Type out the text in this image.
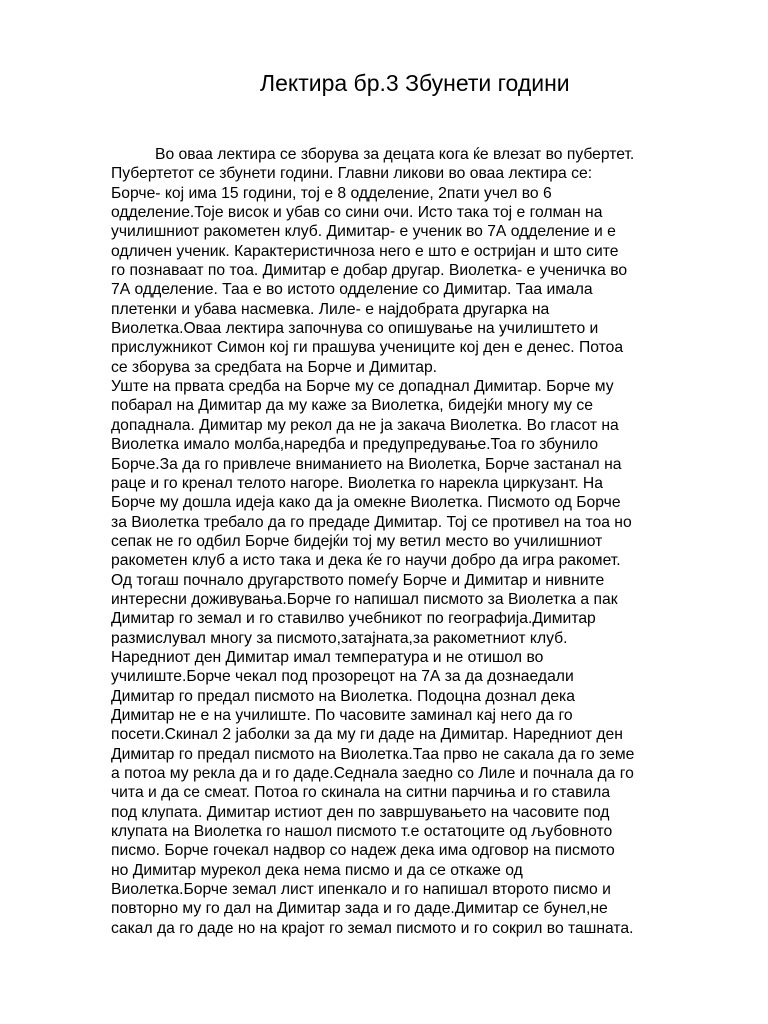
Лектира бр.3 Збунети години
Во оваа лектира се зборува за децата кога ќе влезат во пубертет.
Пубертетот се збунети години. Главни ликови во оваа лектира се:
Борче- кој има 15 години, тој е 8 одделение, 2пати учел во 6
одделение.Тоје висок и убав со сини очи. Исто така тој е голман на
училишниот ракометен клуб. Димитар- е ученик во 7А одделение и е
одличен ученик. Карактеристичноза него е што е остријан и што сите
го познаваат по тоа. Димитар е добар другар. Виолетка- е ученичка во
7А одделение. Таа е во истото одделение со Димитар. Таа имала
плетенки и убава насмевка. Лиле- е најдобрата другарка на
Виолетка.Оваа лектира започнува со опишување на училиштето и
прислужникот Симон кој ги прашува учениците кој ден е денес. Потоа
се зборува за средбата на Борче и Димитар.
Уште на првата средба на Борче му се допаднал Димитар. Борче му
побарал на Димитар да му каже за Виолетка, бидејќи многу му се
допаднала. Димитар му рекол да не ја закача Виолетка. Во гласот на
Виолетка имало молба,наредба и предупредување.Тоа го збунило
Борче.За да го привлече вниманието на Виолетка, Борче застанал на
раце и го кренал телото нагоре. Виолетка го нарекла циркузант. На
Борче му дошла идеја како да ја омекне Виолетка. Писмото од Борче
за Виолетка требало да го предаде Димитар. Тој се противел на тоа но
сепак не го одбил Борче бидејќи тој му ветил место во училишниот
ракометен клуб а исто така и дека ќе го научи добро да игра ракомет.
Од тогаш почнало другарството помеѓу Борче и Димитар и нивните
интересни доживувања.Борче го напишал писмото за Виолетка а пак
Димитар го земал и го ставилво учебникот по географија.Димитар
размислувал многу за писмото,затајната,за ракометниот клуб.
Наредниот ден Димитар имал температура и не отишол во
училиште.Борче чекал под прозорецот на 7А за да дознаедали
Димитар го предал писмото на Виолетка. Подоцна дознал дека
Димитар не е на училиште. По часовите заминал кај него да го
посети.Скинал 2 јаболки за да му ги даде на Димитар. Наредниот ден
Димитар го предал писмото на Виолетка.Таа прво не сакала да го земе
а потоа му рекла да и го даде.Седнала заедно со Лиле и почнала да го
чита и да се смеат. Потоа го скинала на ситни парчиња и го ставила
под клупата. Димитар истиот ден по завршувањето на часовите под
клупата на Виолетка го нашол писмото т.е остатоците од љубовното
писмо. Борче гочекал надвор со надеж дека има одговор на писмото
но Димитар мурекол дека нема писмо и да се откаже од
Виолетка.Борче земал лист ипенкало и го напишал второто писмо и
повторно му го дал на Димитар зада и го даде.Димитар се бунел,не
сакал да го даде но на крајот го земал писмото и го сокрил во ташната.
